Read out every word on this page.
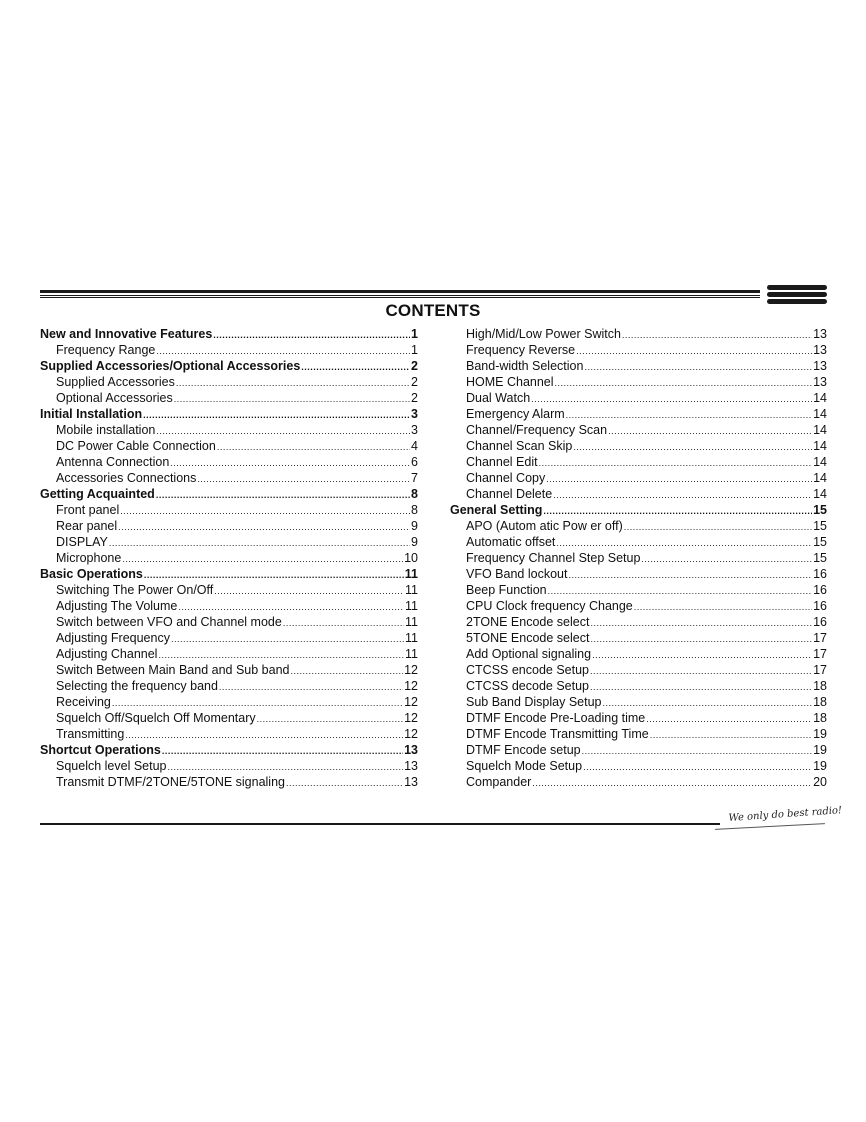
CONTENTS
New and Innovative Features .....	1
Frequency Range .....	1
Supplied Accessories/Optional Accessories .....	2
Supplied Accessories .....	2
Optional Accessories .....	2
Initial Installation .....	3
Mobile installation .....	3
DC Power Cable Connection .....	4
Antenna Connection .....	6
Accessories Connections .....	7
Getting Acquainted .....	8
Front panel .....	8
Rear panel .....	9
DISPLAY .....	9
Microphone .....	10
Basic Operations .....	11
Switching The Power On/Off .....	11
Adjusting The Volume .....	11
Switch between VFO and Channel mode .....	11
Adjusting Frequency .....	11
Adjusting Channel .....	11
Switch Between Main Band and Sub band .....	12
Selecting the frequency band .....	12
Receiving .....	12
Squelch Off/Squelch Off Momentary .....	12
Transmitting .....	12
Shortcut Operations .....	13
Squelch level Setup .....	13
Transmit DTMF/2TONE/5TONE signaling .....	13
High/Mid/Low Power Switch .....	13
Frequency Reverse .....	13
Band-width Selection .....	13
HOME Channel .....	13
Dual Watch .....	14
Emergency Alarm .....	14
Channel/Frequency Scan .....	14
Channel Scan Skip .....	14
Channel Edit .....	14
Channel Copy .....	14
Channel Delete .....	14
General Setting .....	15
APO (Autom atic Pow er off) .....	15
Automatic offset .....	15
Frequency Channel Step Setup .....	15
VFO Band lockout .....	16
Beep Function .....	16
CPU Clock frequency Change .....	16
2TONE Encode select .....	16
5TONE Encode select .....	17
Add Optional signaling .....	17
CTCSS encode Setup .....	17
CTCSS decode Setup .....	18
Sub Band Display Setup .....	18
DTMF Encode Pre-Loading time .....	18
DTMF Encode Transmitting Time .....	19
DTMF Encode setup .....	19
Squelch Mode Setup .....	19
Compander .....	20
We only do best radio!
